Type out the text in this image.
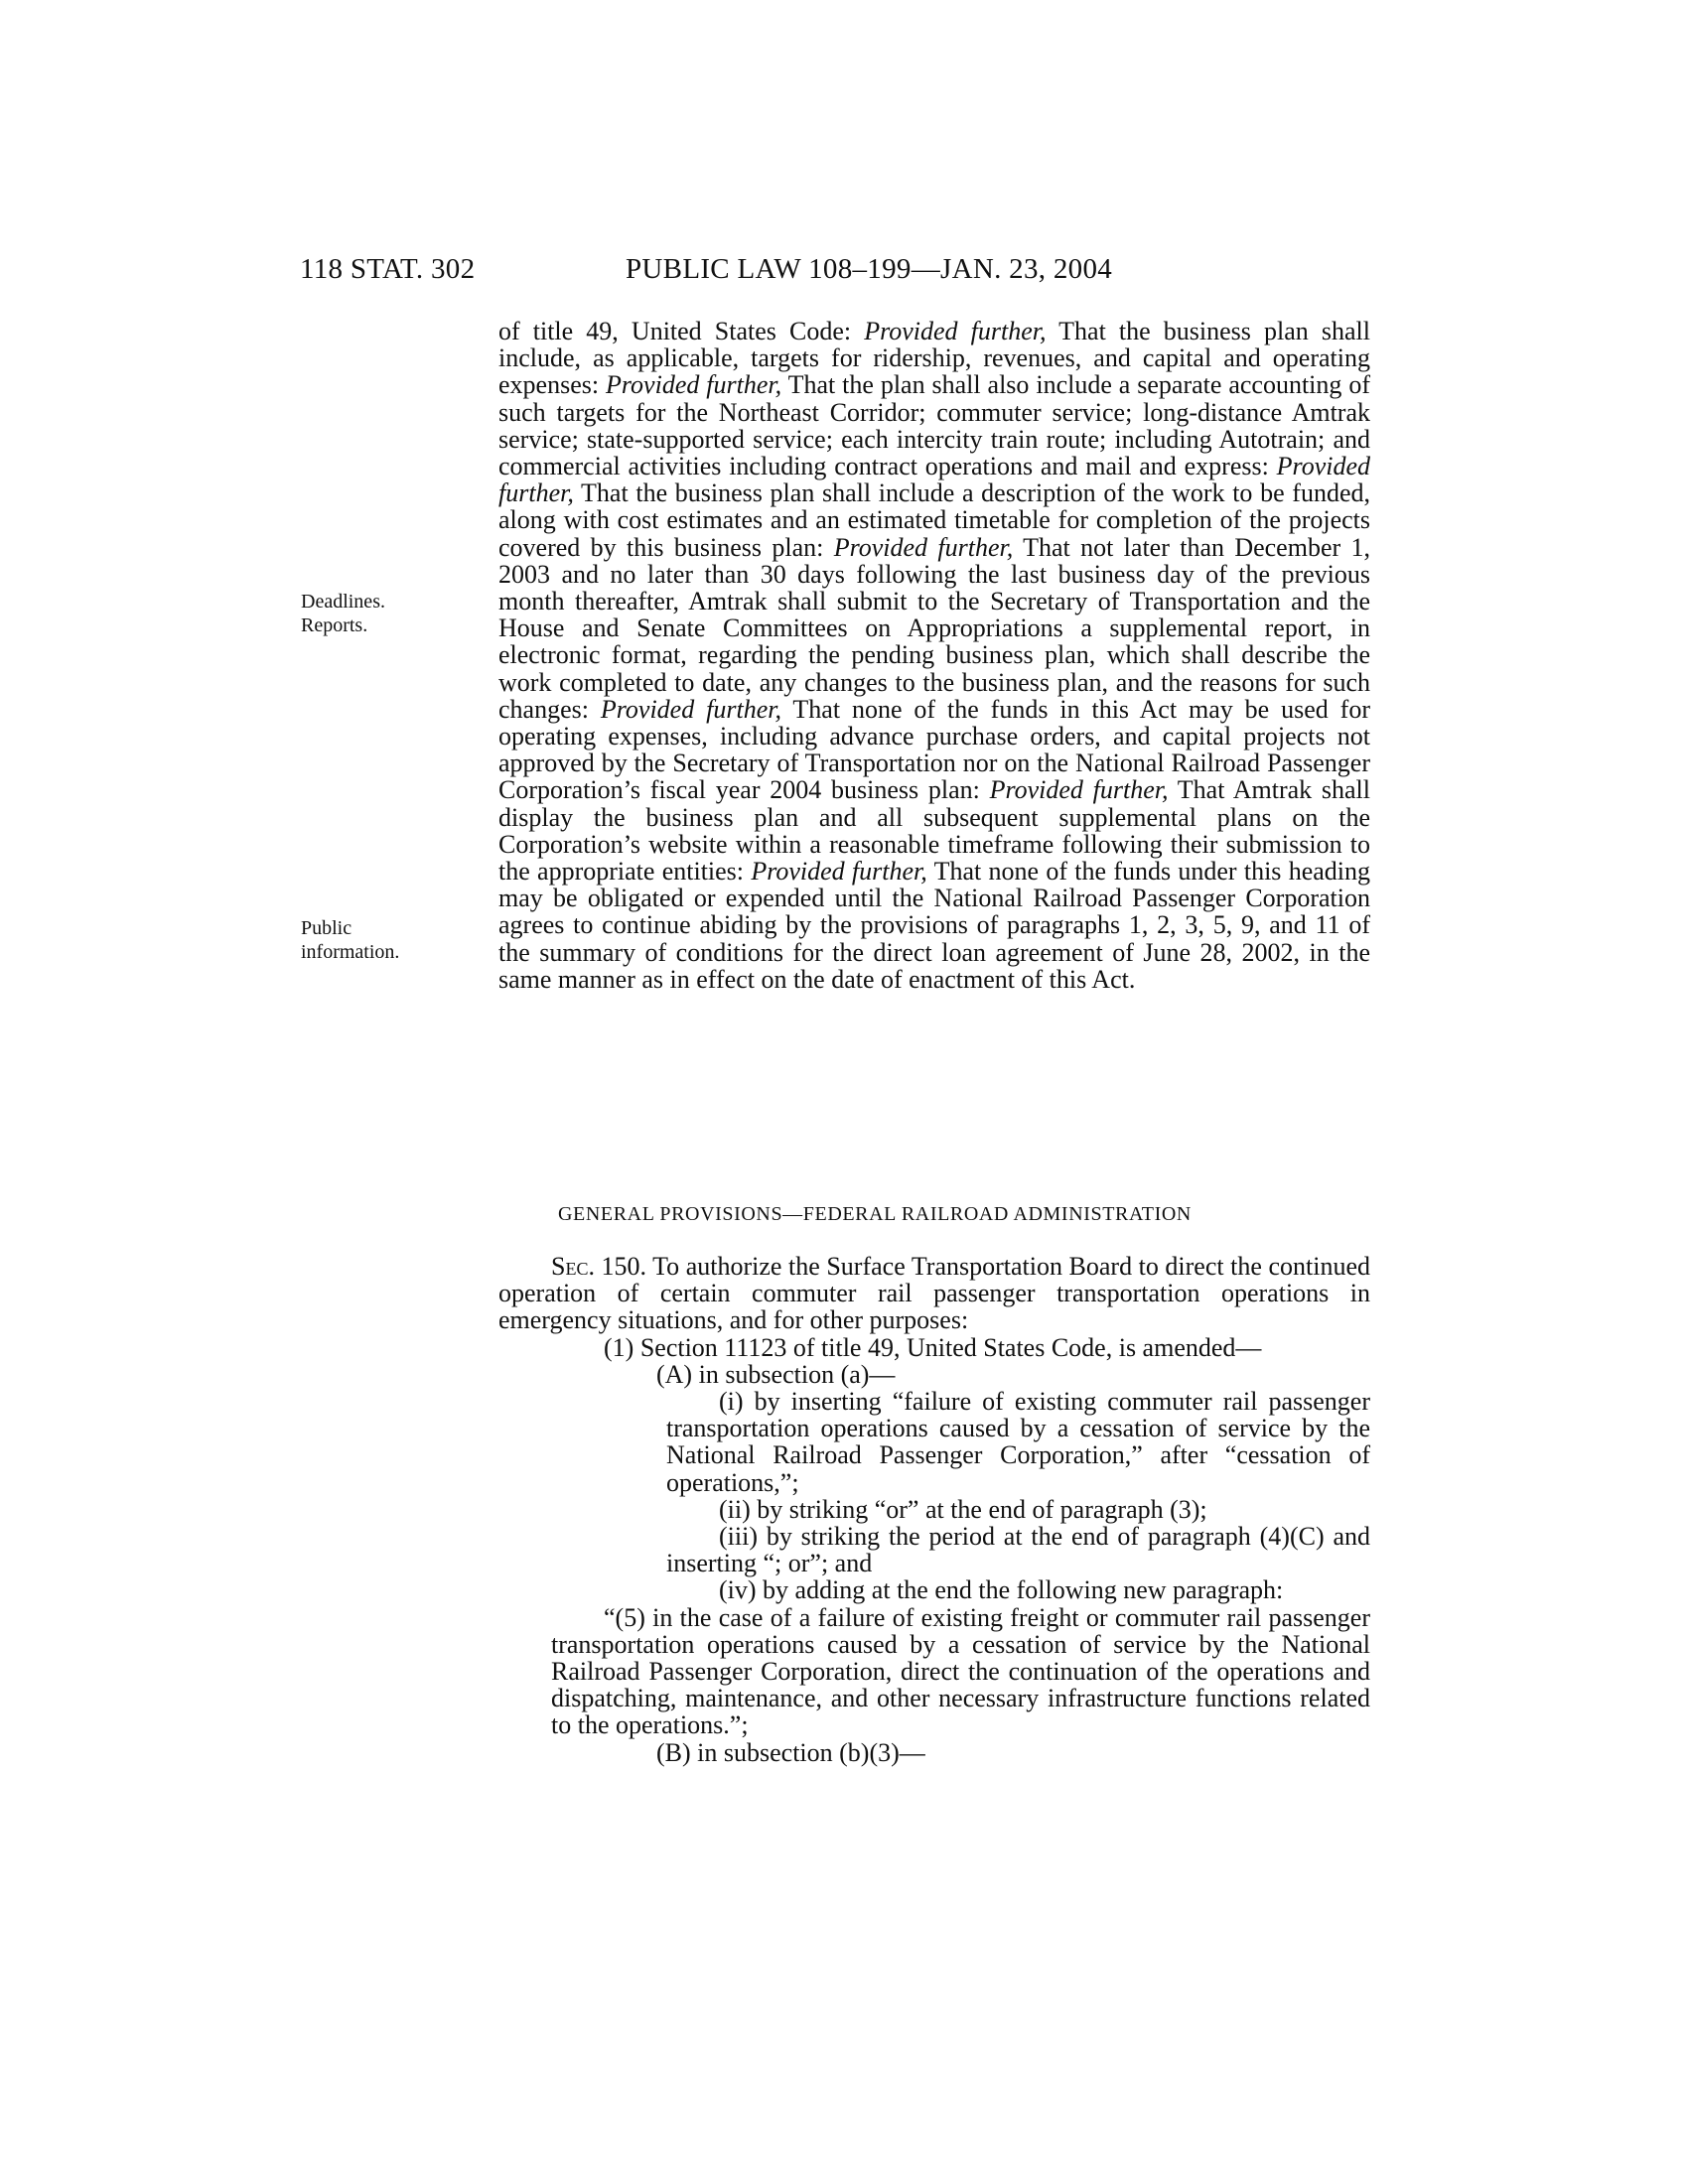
118 STAT. 302	PUBLIC LAW 108–199—JAN. 23, 2004
Deadlines.
Reports.
Public
information.

of title 49, United States Code: Provided further, That the business plan shall include, as applicable, targets for ridership, revenues, and capital and operating expenses: Provided further, That the plan shall also include a separate accounting of such targets for the Northeast Corridor; commuter service; long-distance Amtrak service; state-supported service; each intercity train route; including Autotrain; and commercial activities including contract operations and mail and express: Provided further, That the business plan shall include a description of the work to be funded, along with cost estimates and an estimated timetable for completion of the projects covered by this business plan: Provided further, That not later than December 1, 2003 and no later than 30 days following the last business day of the previous month thereafter, Amtrak shall submit to the Secretary of Transportation and the House and Senate Committees on Appropriations a supplemental report, in electronic format, regarding the pending business plan, which shall describe the work completed to date, any changes to the business plan, and the reasons for such changes: Provided further, That none of the funds in this Act may be used for operating expenses, including advance purchase orders, and capital projects not approved by the Secretary of Transportation nor on the National Railroad Passenger Corporation’s fiscal year 2004 business plan: Provided further, That Amtrak shall display the business plan and all subsequent supplemental plans on the Corporation’s website within a reasonable timeframe following their submission to the appropriate entities: Provided further, That none of the funds under this heading may be obligated or expended until the National Railroad Passenger Corporation agrees to continue abiding by the provisions of paragraphs 1, 2, 3, 5, 9, and 11 of the summary of conditions for the direct loan agreement of June 28, 2002, in the same manner as in effect on the date of enactment of this Act.

GENERAL PROVISIONS—FEDERAL RAILROAD ADMINISTRATION

Sec. 150. To authorize the Surface Transportation Board to direct the continued operation of certain commuter rail passenger transportation operations in emergency situations, and for other purposes:

(1) Section 11123 of title 49, United States Code, is amended—

(A) in subsection (a)—

(i) by inserting “failure of existing commuter rail passenger transportation operations caused by a cessation of service by the National Railroad Passenger Corporation,” after “cessation of operations,”;

(ii) by striking “or” at the end of paragraph (3);

(iii) by striking the period at the end of paragraph (4)(C) and inserting “; or”; and

(iv) by adding at the end the following new paragraph:

“(5) in the case of a failure of existing freight or commuter rail passenger transportation operations caused by a cessation of service by the National Railroad Passenger Corporation, direct the continuation of the operations and dispatching, maintenance, and other necessary infrastructure functions related to the operations.”;

(B) in subsection (b)(3)—
